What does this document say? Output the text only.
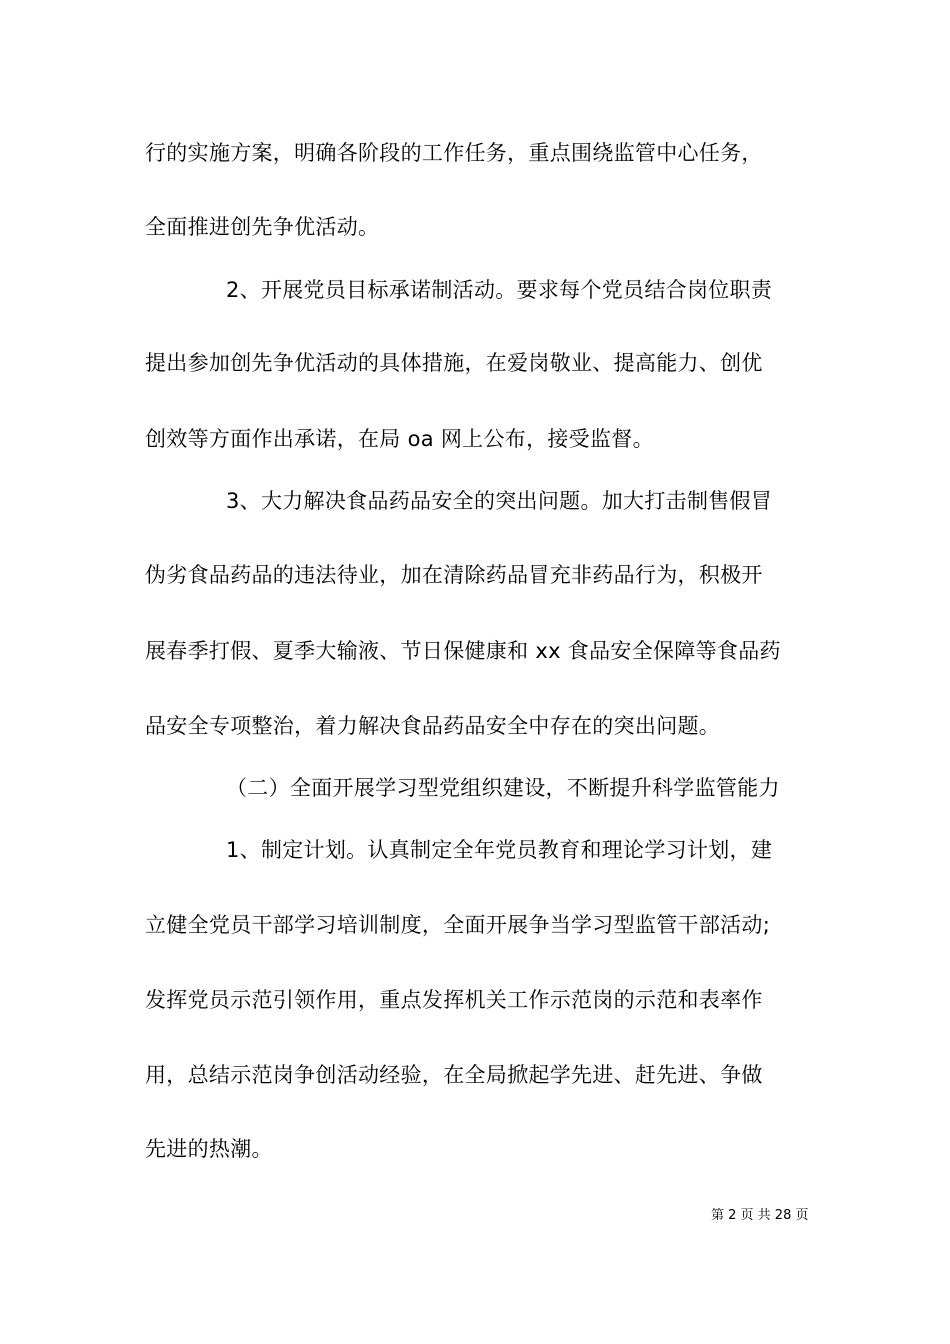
行的实施方案，明确各阶段的工作任务，重点围绕监管中心任务，
全面推进创先争优活动。
2、开展党员目标承诺制活动。要求每个党员结合岗位职责
提出参加创先争优活动的具体措施，在爱岗敬业、提高能力、创优
创效等方面作出承诺，在局 oa 网上公布，接受监督。
3、大力解决食品药品安全的突出问题。加大打击制售假冒
伪劣食品药品的违法待业，加在清除药品冒充非药品行为，积极开
展春季打假、夏季大输液、节日保健康和 xx 食品安全保障等食品药
品安全专项整治，着力解决食品药品安全中存在的突出问题。
（二）全面开展学习型党组织建设，不断提升科学监管能力
1、制定计划。认真制定全年党员教育和理论学习计划，建
立健全党员干部学习培训制度，全面开展争当学习型监管干部活动;
发挥党员示范引领作用，重点发挥机关工作示范岗的示范和表率作
用，总结示范岗争创活动经验，在全局掀起学先进、赶先进、争做
先进的热潮。
第 2 页 共 28 页
